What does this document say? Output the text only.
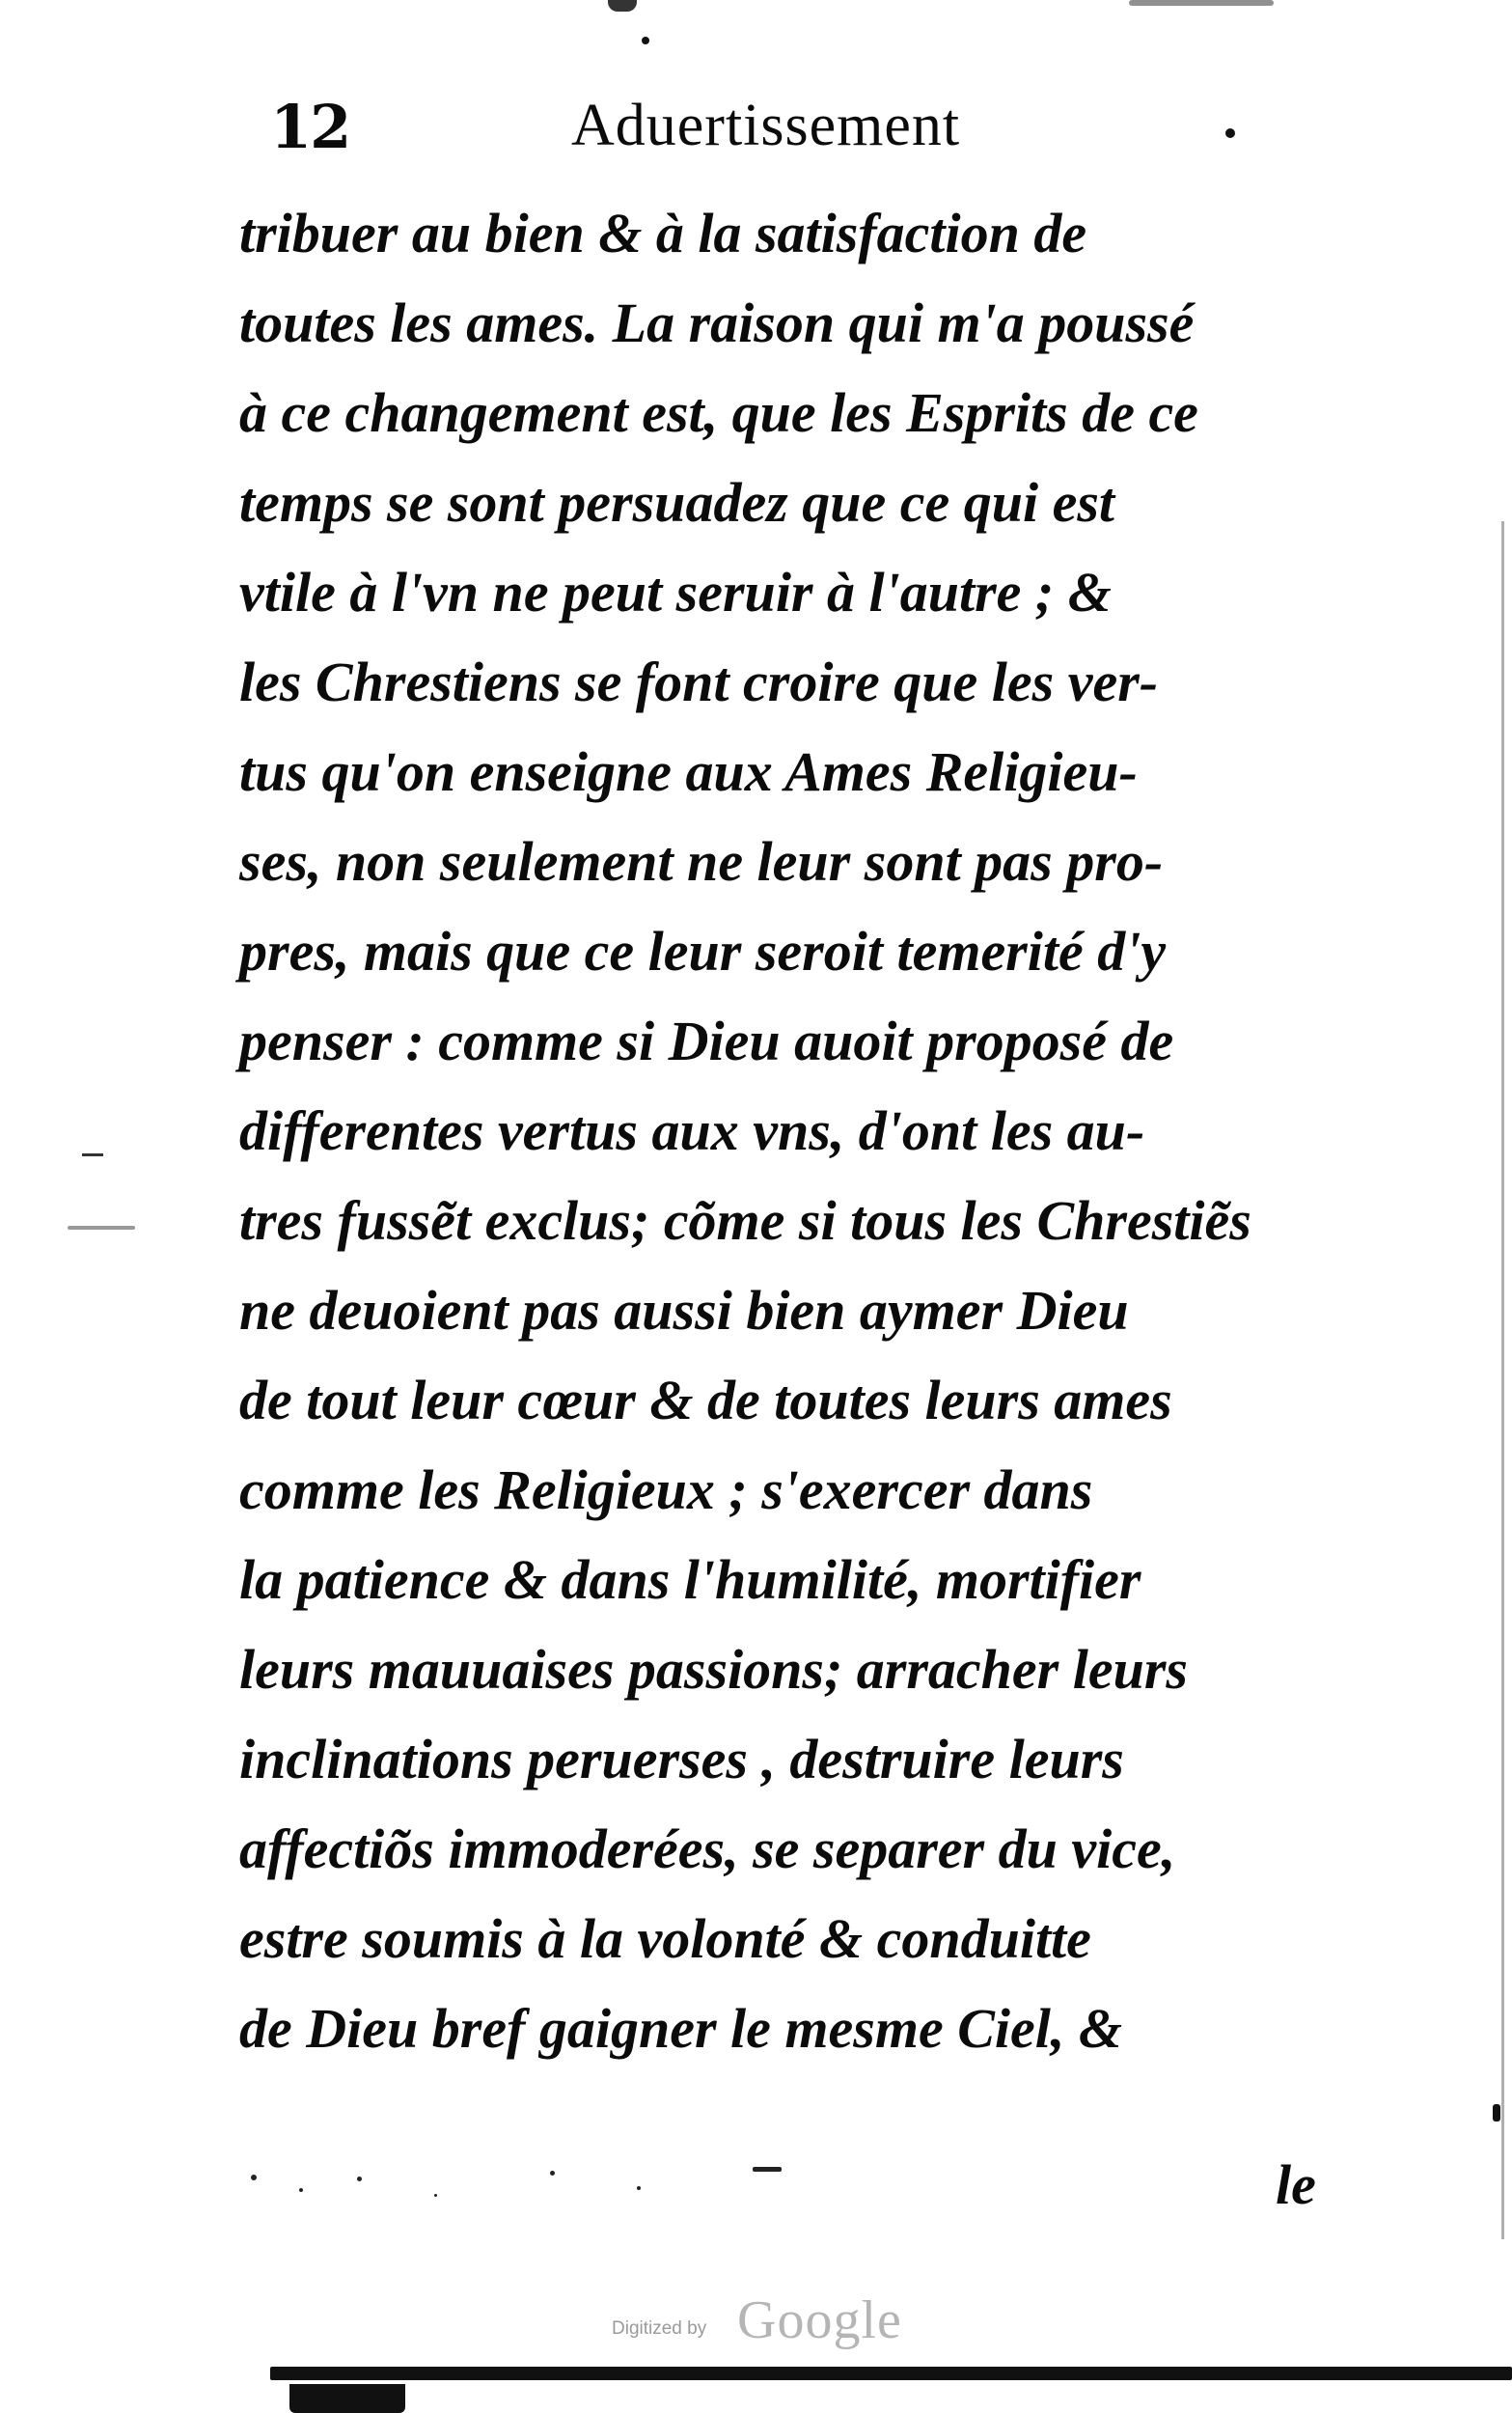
12	Aduertissement
tribuer au bien & à la satisfaction de
toutes les ames. La raison qui m'a poussé
à ce changement est, que les Esprits de ce
temps se sont persuadez que ce qui est
vtile à l'vn ne peut seruir à l'autre ; &
les Chrestiens se font croire que les ver-
tus qu'on enseigne aux Ames Religieu-
ses, non seulement ne leur sont pas pro-
pres, mais que ce leur seroit temerité d'y
penser : comme si Dieu auoit proposé de
differentes vertus aux vns, d'ont les au-
tres fussẽt exclus; cõme si tous les Chrestiẽs
ne deuoient pas aussi bien aymer Dieu
de tout leur cœur & de toutes leurs ames
comme les Religieux ; s'exercer dans
la patience & dans l'humilité, mortifier
leurs mauuaises passions; arracher leurs
inclinations peruerses , destruire leurs
affectiõs immoderées, se separer du vice,
estre soumis à la volonté & conduitte
de Dieu bref gaigner le mesme Ciel, &
le
Digitized by Google
